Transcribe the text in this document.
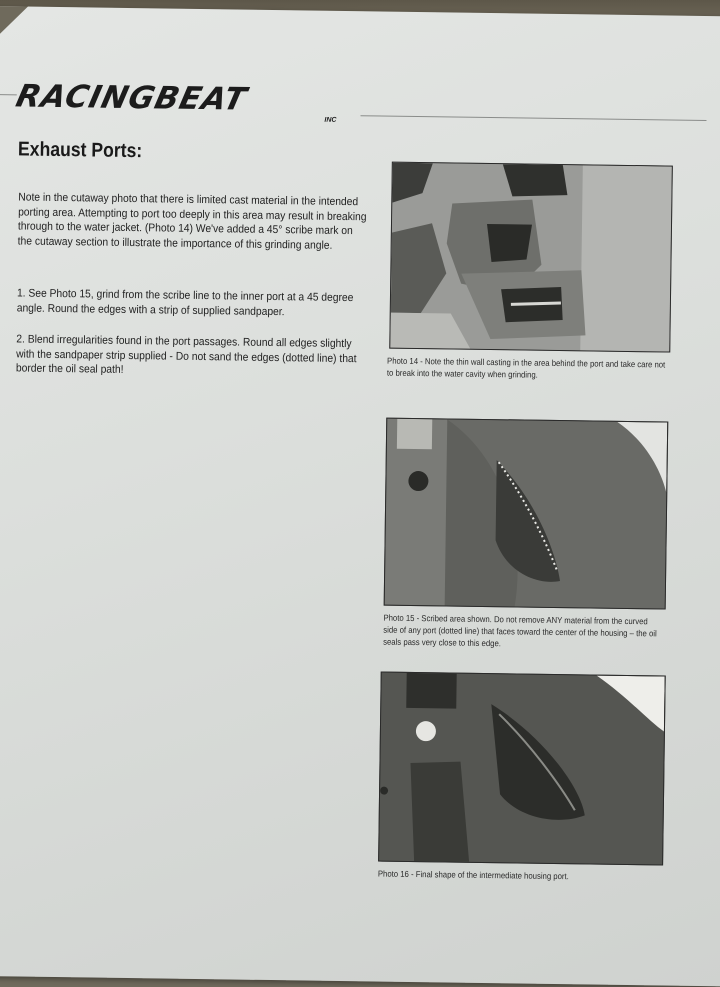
RACINGBEAT
INC
Exhaust Ports:
Note in the cutaway photo that there is limited cast material in the intended porting area. Attempting to port too deeply in this area may result in breaking through to the water jacket. (Photo 14) We've added a 45° scribe mark on the cutaway section to illustrate the importance of this grinding angle.
1. See Photo 15, grind from the scribe line to the inner port at a 45 degree angle. Round the edges with a strip of supplied sandpaper.
2. Blend irregularities found in the port passages. Round all edges slightly with the sandpaper strip supplied - Do not sand the edges (dotted line) that border the oil seal path!	Photo 14 - Note the thin wall casting in the area behind the port and take care not to break into the water cavity when grinding.
Photo 15 - Scribed area shown. Do not remove ANY material from the curved side of any port (dotted line) that faces toward the center of the housing – the oil seals pass very close to this edge.
Photo 16 - Final shape of the intermediate housing port.
